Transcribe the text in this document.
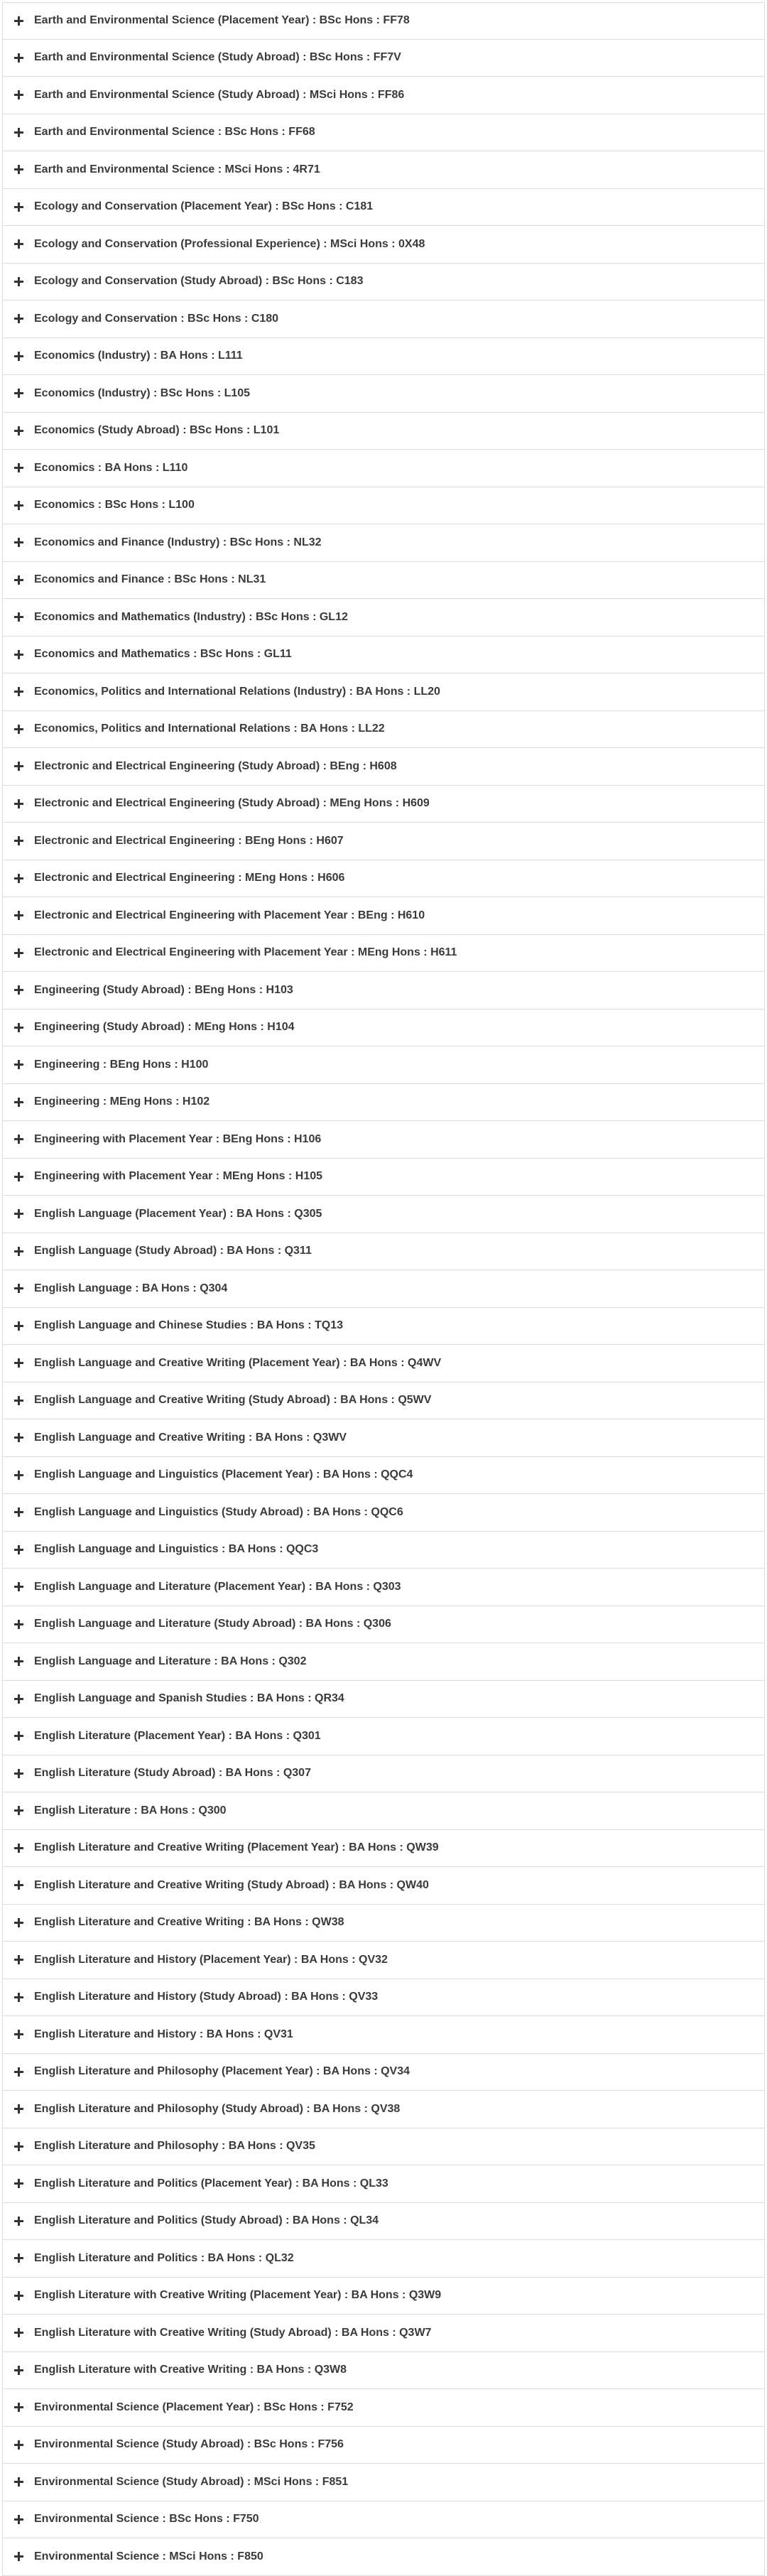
Earth and Environmental Science (Placement Year) : BSc Hons : FF78
Earth and Environmental Science (Study Abroad) : BSc Hons : FF7V
Earth and Environmental Science (Study Abroad) : MSci Hons : FF86
Earth and Environmental Science : BSc Hons : FF68
Earth and Environmental Science : MSci Hons : 4R71
Ecology and Conservation (Placement Year) : BSc Hons : C181
Ecology and Conservation (Professional Experience) : MSci Hons : 0X48
Ecology and Conservation (Study Abroad) : BSc Hons : C183
Ecology and Conservation : BSc Hons : C180
Economics (Industry) : BA Hons : L111
Economics (Industry) : BSc Hons : L105
Economics (Study Abroad) : BSc Hons : L101
Economics : BA Hons : L110
Economics : BSc Hons : L100
Economics and Finance (Industry) : BSc Hons : NL32
Economics and Finance : BSc Hons : NL31
Economics and Mathematics (Industry) : BSc Hons : GL12
Economics and Mathematics : BSc Hons : GL11
Economics, Politics and International Relations (Industry) : BA Hons : LL20
Economics, Politics and International Relations : BA Hons : LL22
Electronic and Electrical Engineering (Study Abroad) : BEng : H608
Electronic and Electrical Engineering (Study Abroad) : MEng Hons : H609
Electronic and Electrical Engineering : BEng Hons : H607
Electronic and Electrical Engineering : MEng Hons : H606
Electronic and Electrical Engineering with Placement Year : BEng : H610
Electronic and Electrical Engineering with Placement Year : MEng Hons : H611
Engineering (Study Abroad) : BEng Hons : H103
Engineering (Study Abroad) : MEng Hons : H104
Engineering : BEng Hons : H100
Engineering : MEng Hons : H102
Engineering with Placement Year : BEng Hons : H106
Engineering with Placement Year : MEng Hons : H105
English Language (Placement Year) : BA Hons : Q305
English Language (Study Abroad) : BA Hons : Q311
English Language : BA Hons : Q304
English Language and Chinese Studies : BA Hons : TQ13
English Language and Creative Writing (Placement Year) : BA Hons : Q4WV
English Language and Creative Writing (Study Abroad) : BA Hons : Q5WV
English Language and Creative Writing : BA Hons : Q3WV
English Language and Linguistics (Placement Year) : BA Hons : QQC4
English Language and Linguistics (Study Abroad) : BA Hons : QQC6
English Language and Linguistics : BA Hons : QQC3
English Language and Literature (Placement Year) : BA Hons : Q303
English Language and Literature (Study Abroad) : BA Hons : Q306
English Language and Literature : BA Hons : Q302
English Language and Spanish Studies : BA Hons : QR34
English Literature (Placement Year) : BA Hons : Q301
English Literature (Study Abroad) : BA Hons : Q307
English Literature : BA Hons : Q300
English Literature and Creative Writing (Placement Year) : BA Hons : QW39
English Literature and Creative Writing (Study Abroad) : BA Hons : QW40
English Literature and Creative Writing : BA Hons : QW38
English Literature and History (Placement Year) : BA Hons : QV32
English Literature and History (Study Abroad) : BA Hons : QV33
English Literature and History : BA Hons : QV31
English Literature and Philosophy (Placement Year) : BA Hons : QV34
English Literature and Philosophy (Study Abroad) : BA Hons : QV38
English Literature and Philosophy : BA Hons : QV35
English Literature and Politics (Placement Year) : BA Hons : QL33
English Literature and Politics (Study Abroad) : BA Hons : QL34
English Literature and Politics : BA Hons : QL32
English Literature with Creative Writing (Placement Year) : BA Hons : Q3W9
English Literature with Creative Writing (Study Abroad) : BA Hons : Q3W7
English Literature with Creative Writing : BA Hons : Q3W8
Environmental Science (Placement Year) : BSc Hons : F752
Environmental Science (Study Abroad) : BSc Hons : F756
Environmental Science (Study Abroad) : MSci Hons : F851
Environmental Science : BSc Hons : F750
Environmental Science : MSci Hons : F850
